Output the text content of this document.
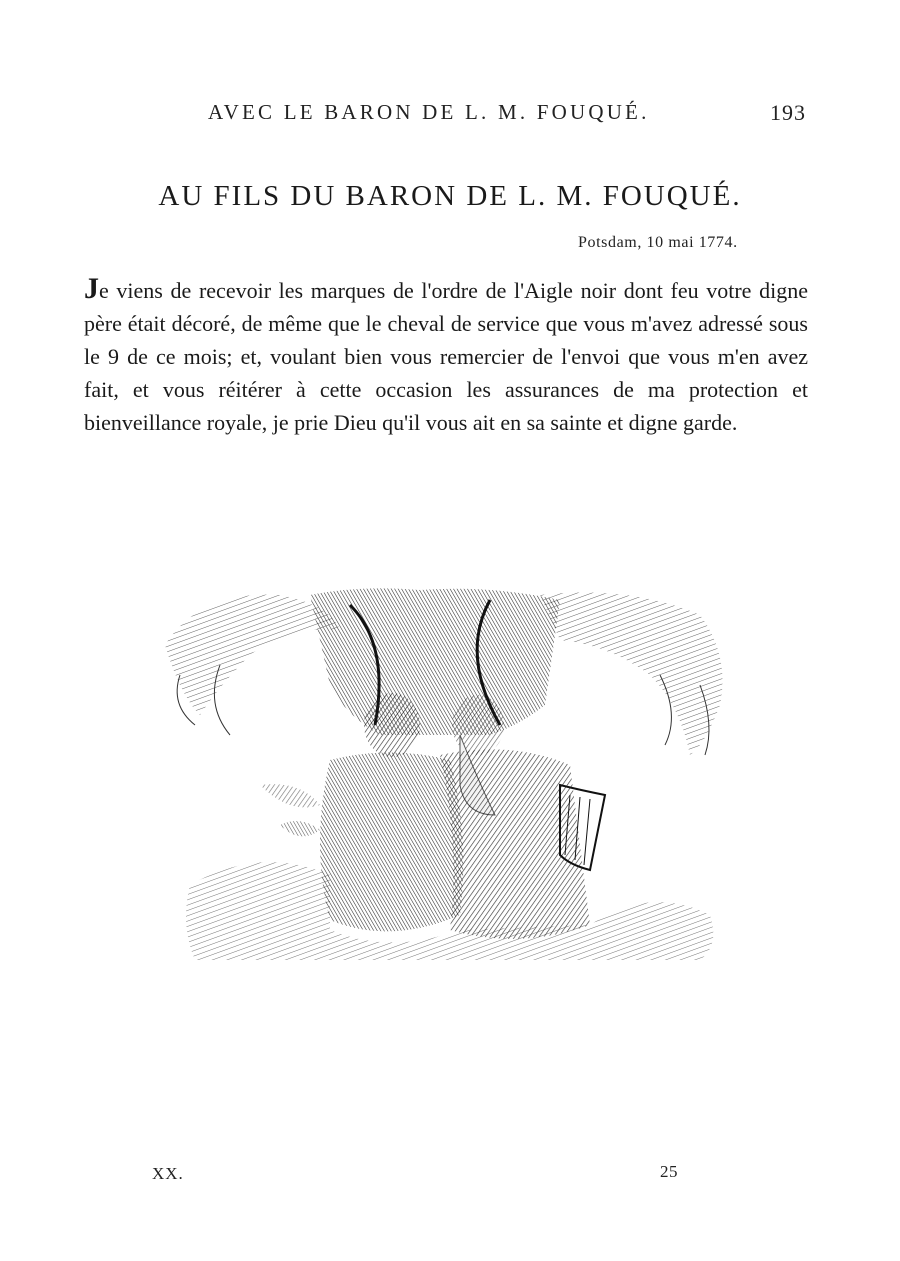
AVEC LE BARON DE L. M. FOUQUÉ.	193
AU FILS DU BARON DE L. M. FOUQUÉ.
Potsdam, 10 mai 1774.
Je viens de recevoir les marques de l'ordre de l'Aigle noir dont feu votre digne père était décoré, de même que le cheval de service que vous m'avez adressé sous le 9 de ce mois; et, voulant bien vous remercier de l'envoi que vous m'en avez fait, et vous réitérer à cette occasion les assurances de ma protection et bienveillance royale, je prie Dieu qu'il vous ait en sa sainte et digne garde.
XX.	25
